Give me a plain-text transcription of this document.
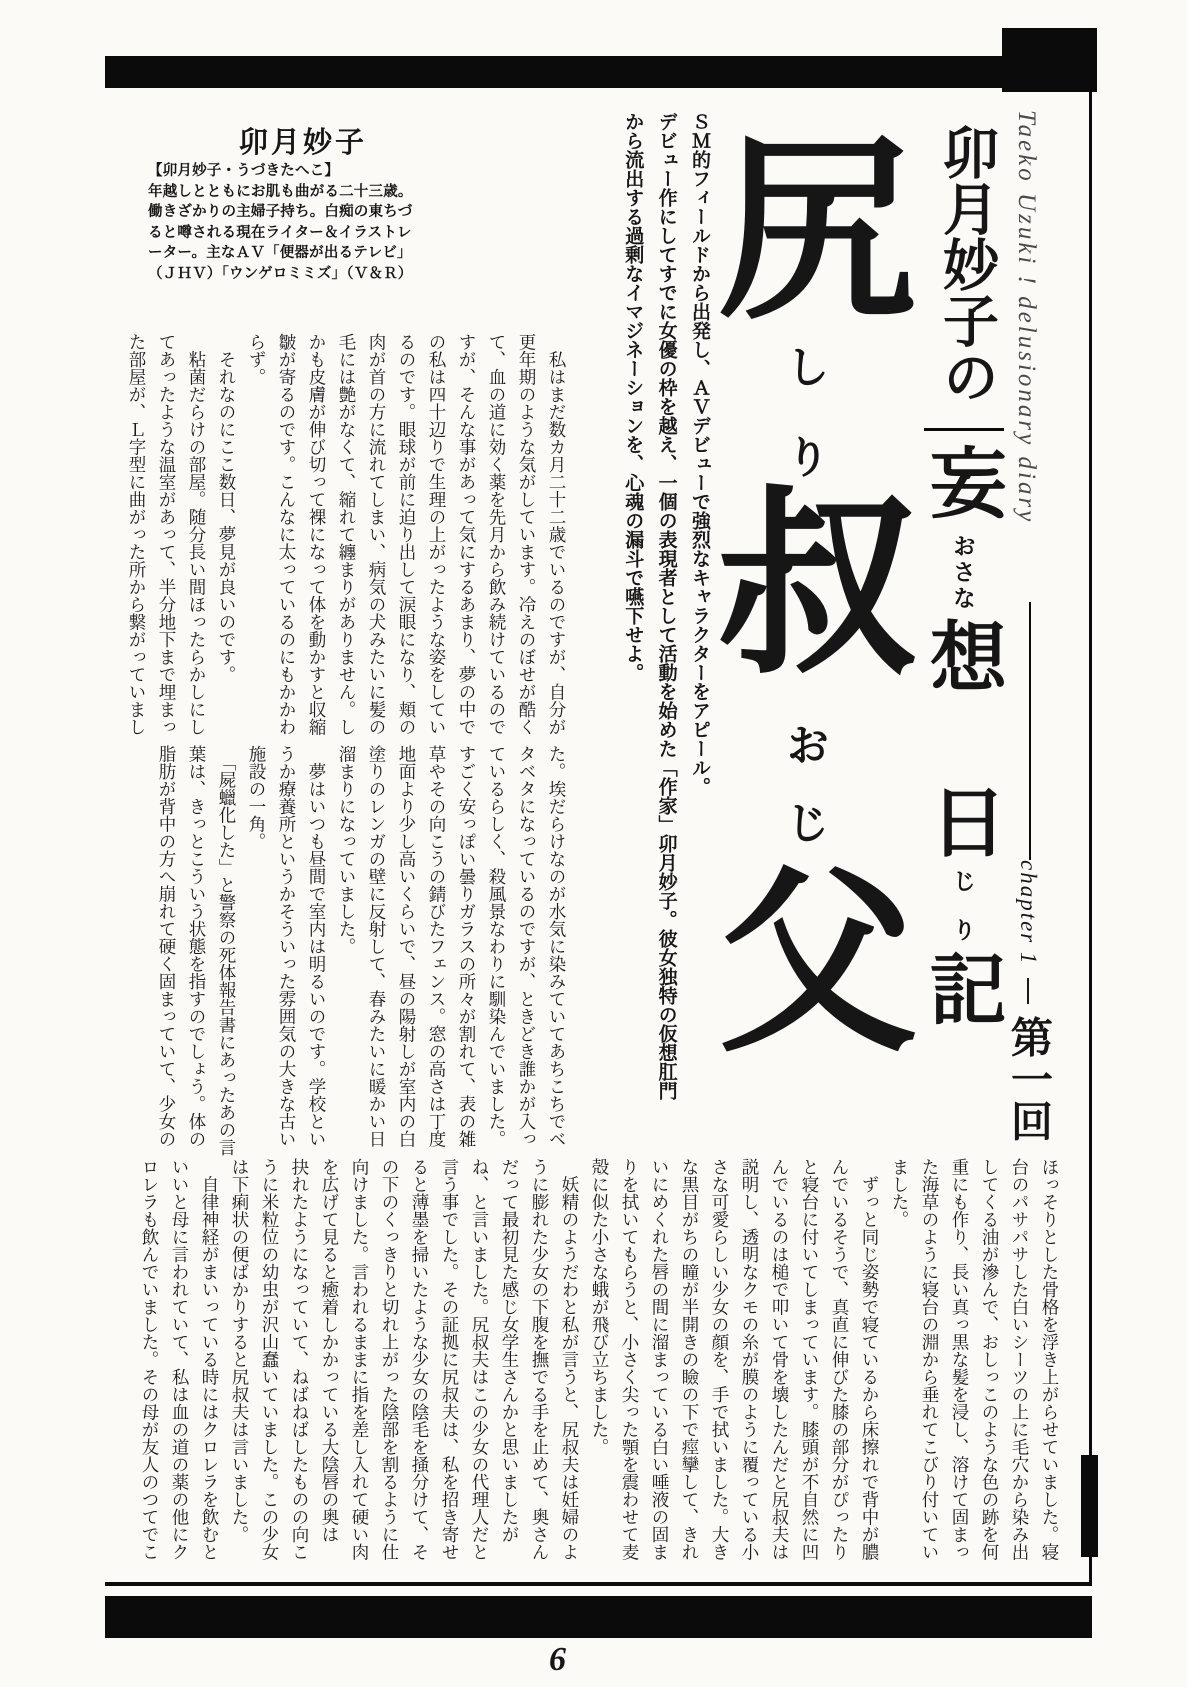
卯月妙子
【卯月妙子・うづきたへこ】
年越しとともにお肌も曲がる二十三歳。
働きざかりの主婦子持ち。白痴の東ちづ
ると噂される現在ライター＆イラストレ
ーター。主なＡＶ「便器が出るテレビ」
（ＪＨＶ）「ウンゲロミミズ」（Ｖ＆Ｒ）	Taeko Uzuki ! delusionary diary
卯月妙子の
妄おさな想日じり記
chapter 1第一回
尻しり叔おじ父
ＳＭ的フィールドから出発し、ＡＶデビューで強烈なキャラクターをアピール。
デビュー作にしてすでに女優の枠を越え、一個の表現者として活動を始めた「作家」卯月妙子。彼女独特の仮想肛門
から流出する過剰なイマジネーションを、心魂の漏斗で嚥下せよ。
　私はまだ数カ月二十二歳でいるのですが、自分が
更年期のような気がしています。冷えのぼせが酷く
て、血の道に効く薬を先月から飲み続けているので
すが、そんな事があって気にするあまり、夢の中で
の私は四十辺りで生理の上がったような姿をしてい
るのです。眼球が前に迫り出して涙眼になり、頬の
肉が首の方に流れてしまい、病気の犬みたいに髪の
毛には艶がなくて、縮れて纏まりがありません。し
かも皮膚が伸び切って裸になって体を動かすと収縮
皺が寄るのです。こんなに太っているのにもかかわ
らず。
　それなのにここ数日、夢見が良いのです。
　粘菌だらけの部屋。随分長い間ほったらかしにし
てあったような温室があって、半分地下まで埋まっ
た部屋が、Ｌ字型に曲がった所から繋がっていまし
た。埃だらけなのが水気に染みていてあちこちでベ
タベタになっているのですが、ときどき誰かが入っ
ているらしく、殺風景なわりに馴染んでいました。
すごく安っぽい曇りガラスの所々が割れて、表の雑
草やその向こうの錆びたフェンス。窓の高さは丁度
地面より少し高いくらいで、昼の陽射しが室内の白
塗りのレンガの壁に反射して、春みたいに暖かい日
溜まりになっていました。
　夢はいつも昼間で室内は明るいのです。学校とい
うか療養所というかそういった雰囲気の大きな古い
施設の一角。
　「屍蠟化した」と警察の死体報告書にあったあの言
葉は、きっとこういう状態を指すのでしょう。体の
脂肪が背中の方へ崩れて硬く固まっていて、少女の
ほっそりとした骨格を浮き上がらせていました。寝
台のパサパサした白いシーツの上に毛穴から染み出
してくる油が滲んで、おしっこのような色の跡を何
重にも作り、長い真っ黒な髪を浸し、溶けて固まっ
た海草のように寝台の淵から垂れてこびり付いてい
ました。
　ずっと同じ姿勢で寝ているから床擦れで背中が膿
んでいるそうで、真直に伸びた膝の部分がぴったり
と寝台に付いてしまっています。膝頭が不自然に凹
んでいるのは槌で叩いて骨を壊したんだと尻叔夫は
説明し、透明なクモの糸が膜のように覆っている小
さな可愛らしい少女の顔を、手で拭いました。大き
な黒目がちの瞳が半開きの瞼の下で痙攣して、きれ
いにめくれた唇の間に溜まっている白い唾液の固ま
りを拭いてもらうと、小さく尖った顎を震わせて麦
殻に似た小さな蛾が飛び立ちました。
　妖精のようだわと私が言うと、尻叔夫は妊婦のよ
うに膨れた少女の下腹を撫でる手を止めて、奥さん
だって最初見た感じ女学生さんかと思いましたが
ね、と言いました。尻叔夫はこの少女の代理人だと
言う事でした。その証拠に尻叔夫は、私を招き寄せ
ると薄墨を掃いたような少女の陰毛を掻分けて、そ
の下のくっきりと切れ上がった陰部を割るように仕
向けました。言われるままに指を差し入れて硬い肉
を広げて見ると癒着しかかっている大陰唇の奥は
抉れたようになっていて、ねばねばしたものの向こ
うに米粒位の幼虫が沢山蠢いていました。この少女
は下痢状の便ばかりすると尻叔夫は言いました。
　自律神経がまいっている時にはクロレラを飲むと
いいと母に言われていて、私は血の道の薬の他にク
ロレラも飲んでいました。その母が友人のつてでこ
6
